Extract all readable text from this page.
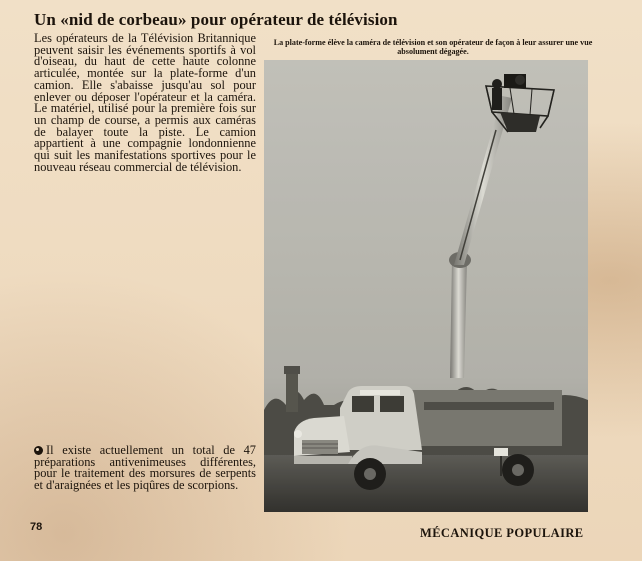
Un «nid de corbeau» pour opérateur de télévision
Les opérateurs de la Télévision Britannique peuvent saisir les événements sportifs à vol d'oiseau, du haut de cette haute colonne articulée, montée sur la plate-forme d'un camion. Elle s'abaisse jusqu'au sol pour enlever ou déposer l'opérateur et la caméra. Le matériel, utilisé pour la première fois sur un champ de course, a permis aux caméras de balayer toute la piste. Le camion appartient à une compagnie londonnienne qui suit les manifestations sportives pour le nouveau réseau commercial de télévision.
La plate-forme élève la caméra de télévision et son opérateur de façon à leur assurer une vue absolument dégagée.
Il existe actuellement un total de 47 préparations antivenimeuses différentes, pour le traitement des morsures de serpents et d'araignées et les piqûres de scorpions.
78	MÉCANIQUE POPULAIRE
